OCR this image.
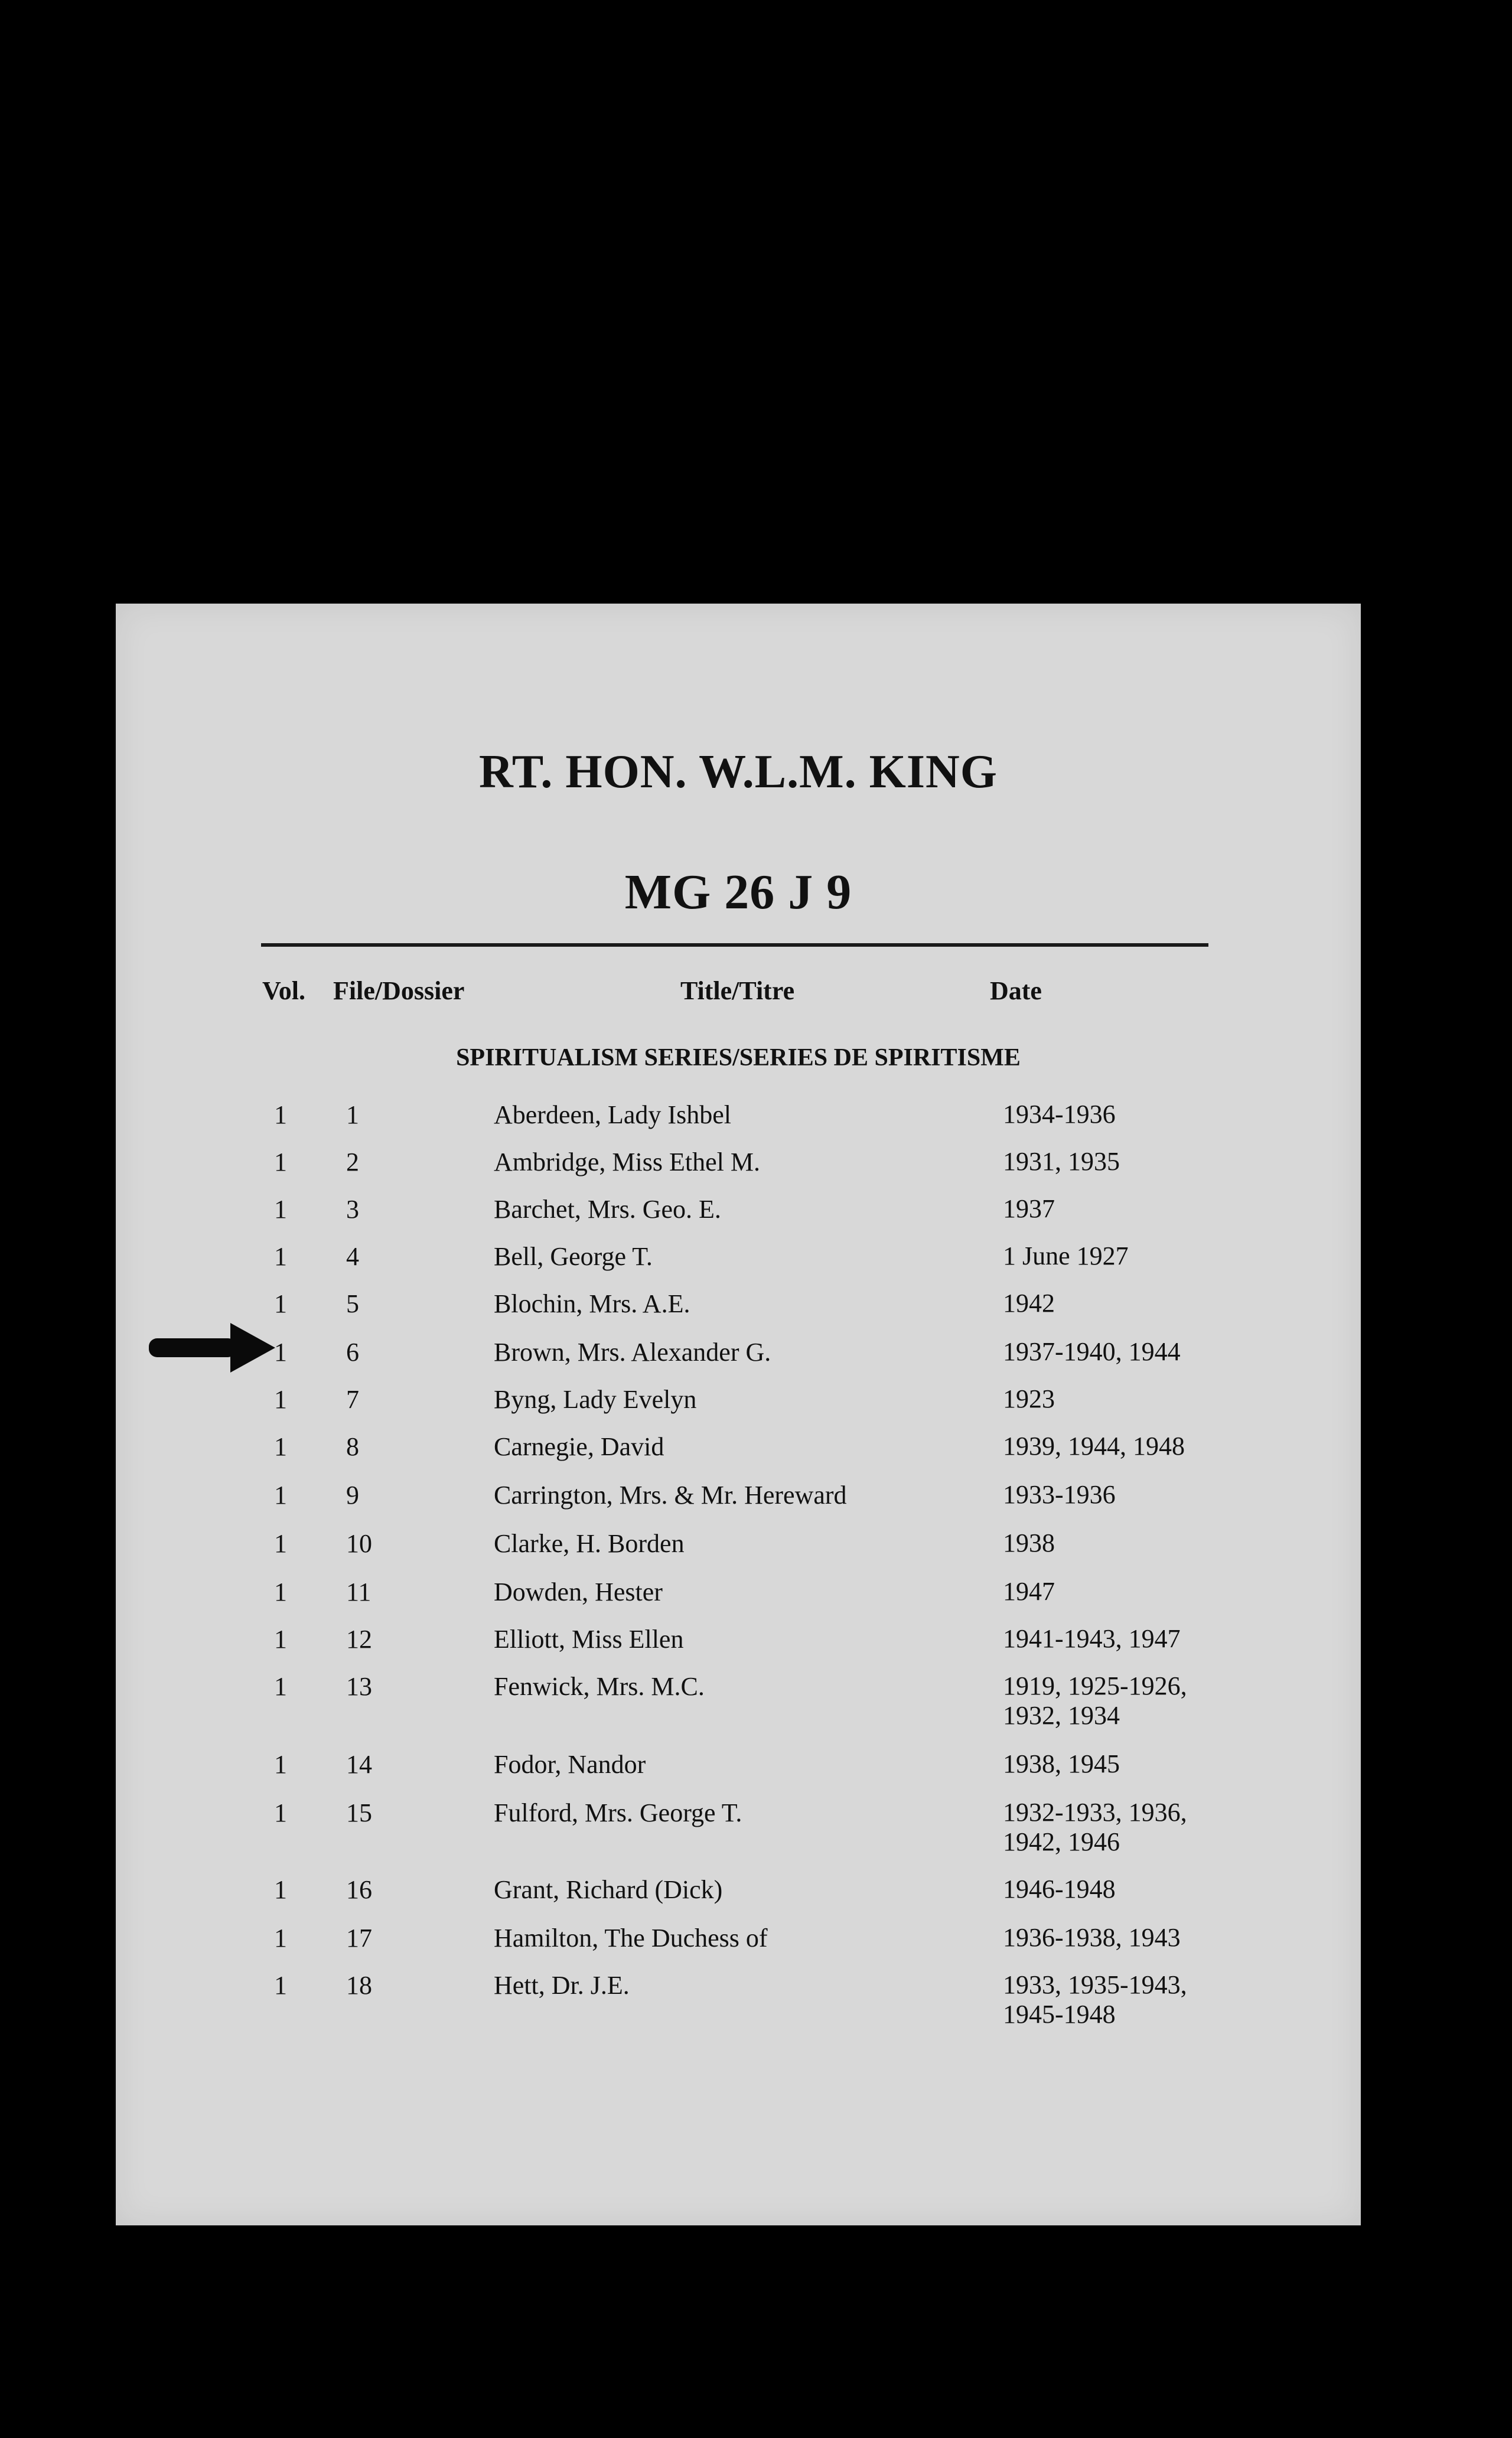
RT. HON. W.L.M. KING
MG 26 J 9
Vol. File/Dossier	Title/Titre	Date
SPIRITUALISM SERIES/SERIES DE SPIRITISME
1 1	Aberdeen, Lady Ishbel	1934-1936
1 2	Ambridge, Miss Ethel M.	1931, 1935
1 3	Barchet, Mrs. Geo. E.	1937
1 4	Bell, George T.	1 June 1927
1 5	Blochin, Mrs. A.E.	1942
1 6	Brown, Mrs. Alexander G.	1937-1940, 1944
1 7	Byng, Lady Evelyn	1923
1 8	Carnegie, David	1939, 1944, 1948
1 9	Carrington, Mrs. & Mr. Hereward	1933-1936
1 10	Clarke, H. Borden	1938
1 11	Dowden, Hester	1947
1 12	Elliott, Miss Ellen	1941-1943, 1947
1 13	Fenwick, Mrs. M.C.	1919, 1925-1926, 1932, 1934
1 14	Fodor, Nandor	1938, 1945
1 15	Fulford, Mrs. George T.	1932-1933, 1936, 1942, 1946
1 16	Grant, Richard (Dick)	1946-1948
1 17	Hamilton, The Duchess of	1936-1938, 1943
1 18	Hett, Dr. J.E.	1933, 1935-1943, 1945-1948
